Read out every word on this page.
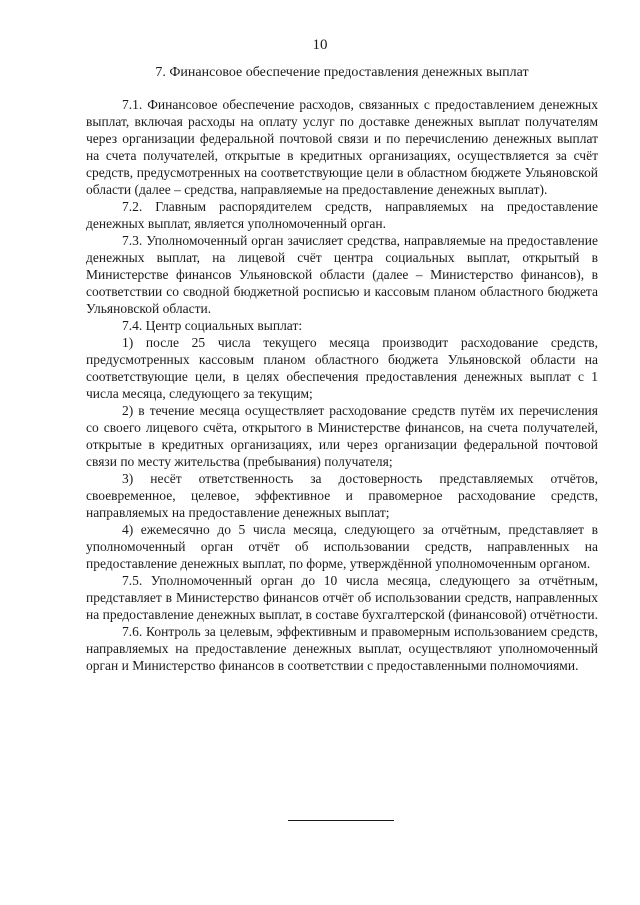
10
7. Финансовое обеспечение предоставления денежных выплат

7.1. Финансовое обеспечение расходов, связанных с предоставлением денежных выплат, включая расходы на оплату услуг по доставке денежных выплат получателям через организации федеральной почтовой связи и по перечислению денежных выплат на счета получателей, открытые в кредитных организациях, осуществляется за счёт средств, предусмотренных на соответствующие цели в областном бюджете Ульяновской области (далее – средства, направляемые на предоставление денежных выплат).

7.2. Главным распорядителем средств, направляемых на предоставление денежных выплат, является уполномоченный орган.

7.3. Уполномоченный орган зачисляет средства, направляемые на предоставление денежных выплат, на лицевой счёт центра социальных выплат, открытый в Министерстве финансов Ульяновской области (далее – Министерство финансов), в соответствии со сводной бюджетной росписью и кассовым планом областного бюджета Ульяновской области.

7.4. Центр социальных выплат:

1) после 25 числа текущего месяца производит расходование средств, предусмотренных кассовым планом областного бюджета Ульяновской области на соответствующие цели, в целях обеспечения предоставления денежных выплат с 1 числа месяца, следующего за текущим;

2) в течение месяца осуществляет расходование средств путём их перечисления со своего лицевого счёта, открытого в Министерстве финансов, на счета получателей, открытые в кредитных организациях, или через организации федеральной почтовой связи по месту жительства (пребывания) получателя;

3) несёт ответственность за достоверность представляемых отчётов, своевременное, целевое, эффективное и правомерное расходование средств, направляемых на предоставление денежных выплат;

4) ежемесячно до 5 числа месяца, следующего за отчётным, представляет в уполномоченный орган отчёт об использовании средств, направленных на предоставление денежных выплат, по форме, утверждённой уполномоченным органом.

7.5. Уполномоченный орган до 10 числа месяца, следующего за отчётным, представляет в Министерство финансов отчёт об использовании средств, направленных на предоставление денежных выплат, в составе бухгалтерской (финансовой) отчётности.

7.6. Контроль за целевым, эффективным и правомерным использованием средств, направляемых на предоставление денежных выплат, осуществляют уполномоченный орган и Министерство финансов в соответствии с предоставленными полномочиями.
